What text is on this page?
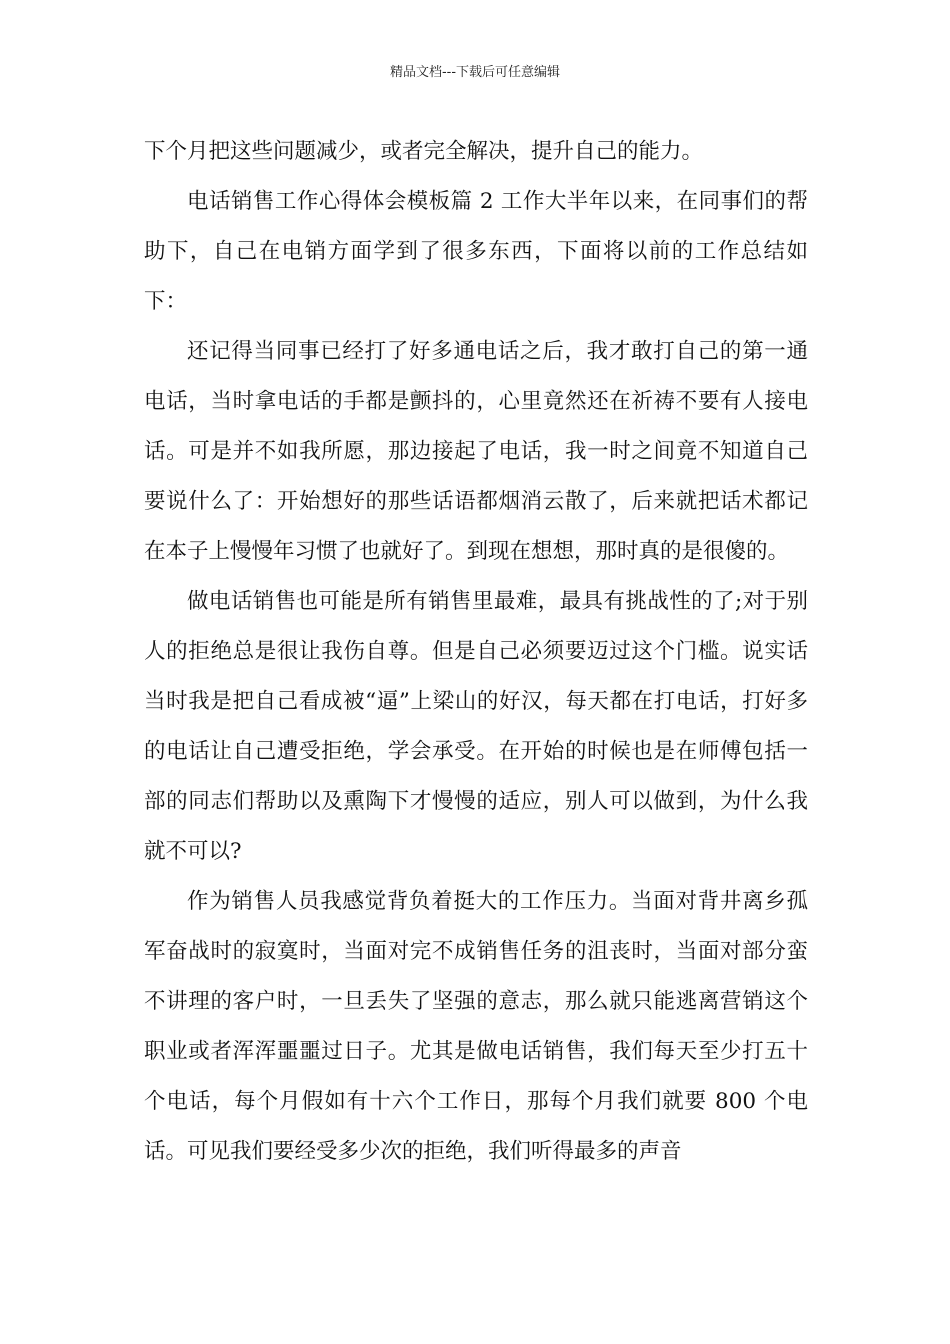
精品文档---下载后可任意编辑

下个月把这些问题减少，或者完全解决，提升自己的能力。

电话销售工作心得体会模板篇 2 工作大半年以来，在同事们的帮助下，自己在电销方面学到了很多东西，下面将以前的工作总结如下：

还记得当同事已经打了好多通电话之后，我才敢打自己的第一通电话，当时拿电话的手都是颤抖的，心里竟然还在祈祷不要有人接电话。可是并不如我所愿，那边接起了电话，我一时之间竟不知道自己要说什么了：开始想好的那些话语都烟消云散了，后来就把话术都记在本子上慢慢年习惯了也就好了。到现在想想，那时真的是很傻的。

做电话销售也可能是所有销售里最难，最具有挑战性的了;对于别人的拒绝总是很让我伤自尊。但是自己必须要迈过这个门槛。说实话当时我是把自己看成被“逼”上梁山的好汉，每天都在打电话，打好多的电话让自己遭受拒绝，学会承受。在开始的时候也是在师傅包括一部的同志们帮助以及熏陶下才慢慢的适应，别人可以做到，为什么我就不可以?

作为销售人员我感觉背负着挺大的工作压力。当面对背井离乡孤军奋战时的寂寞时，当面对完不成销售任务的沮丧时，当面对部分蛮不讲理的客户时，一旦丢失了坚强的意志，那么就只能逃离营销这个职业或者浑浑噩噩过日子。尤其是做电话销售，我们每天至少打五十个电话，每个月假如有十六个工作日，那每个月我们就要 800 个电话。可见我们要经受多少次的拒绝，我们听得最多的声音
